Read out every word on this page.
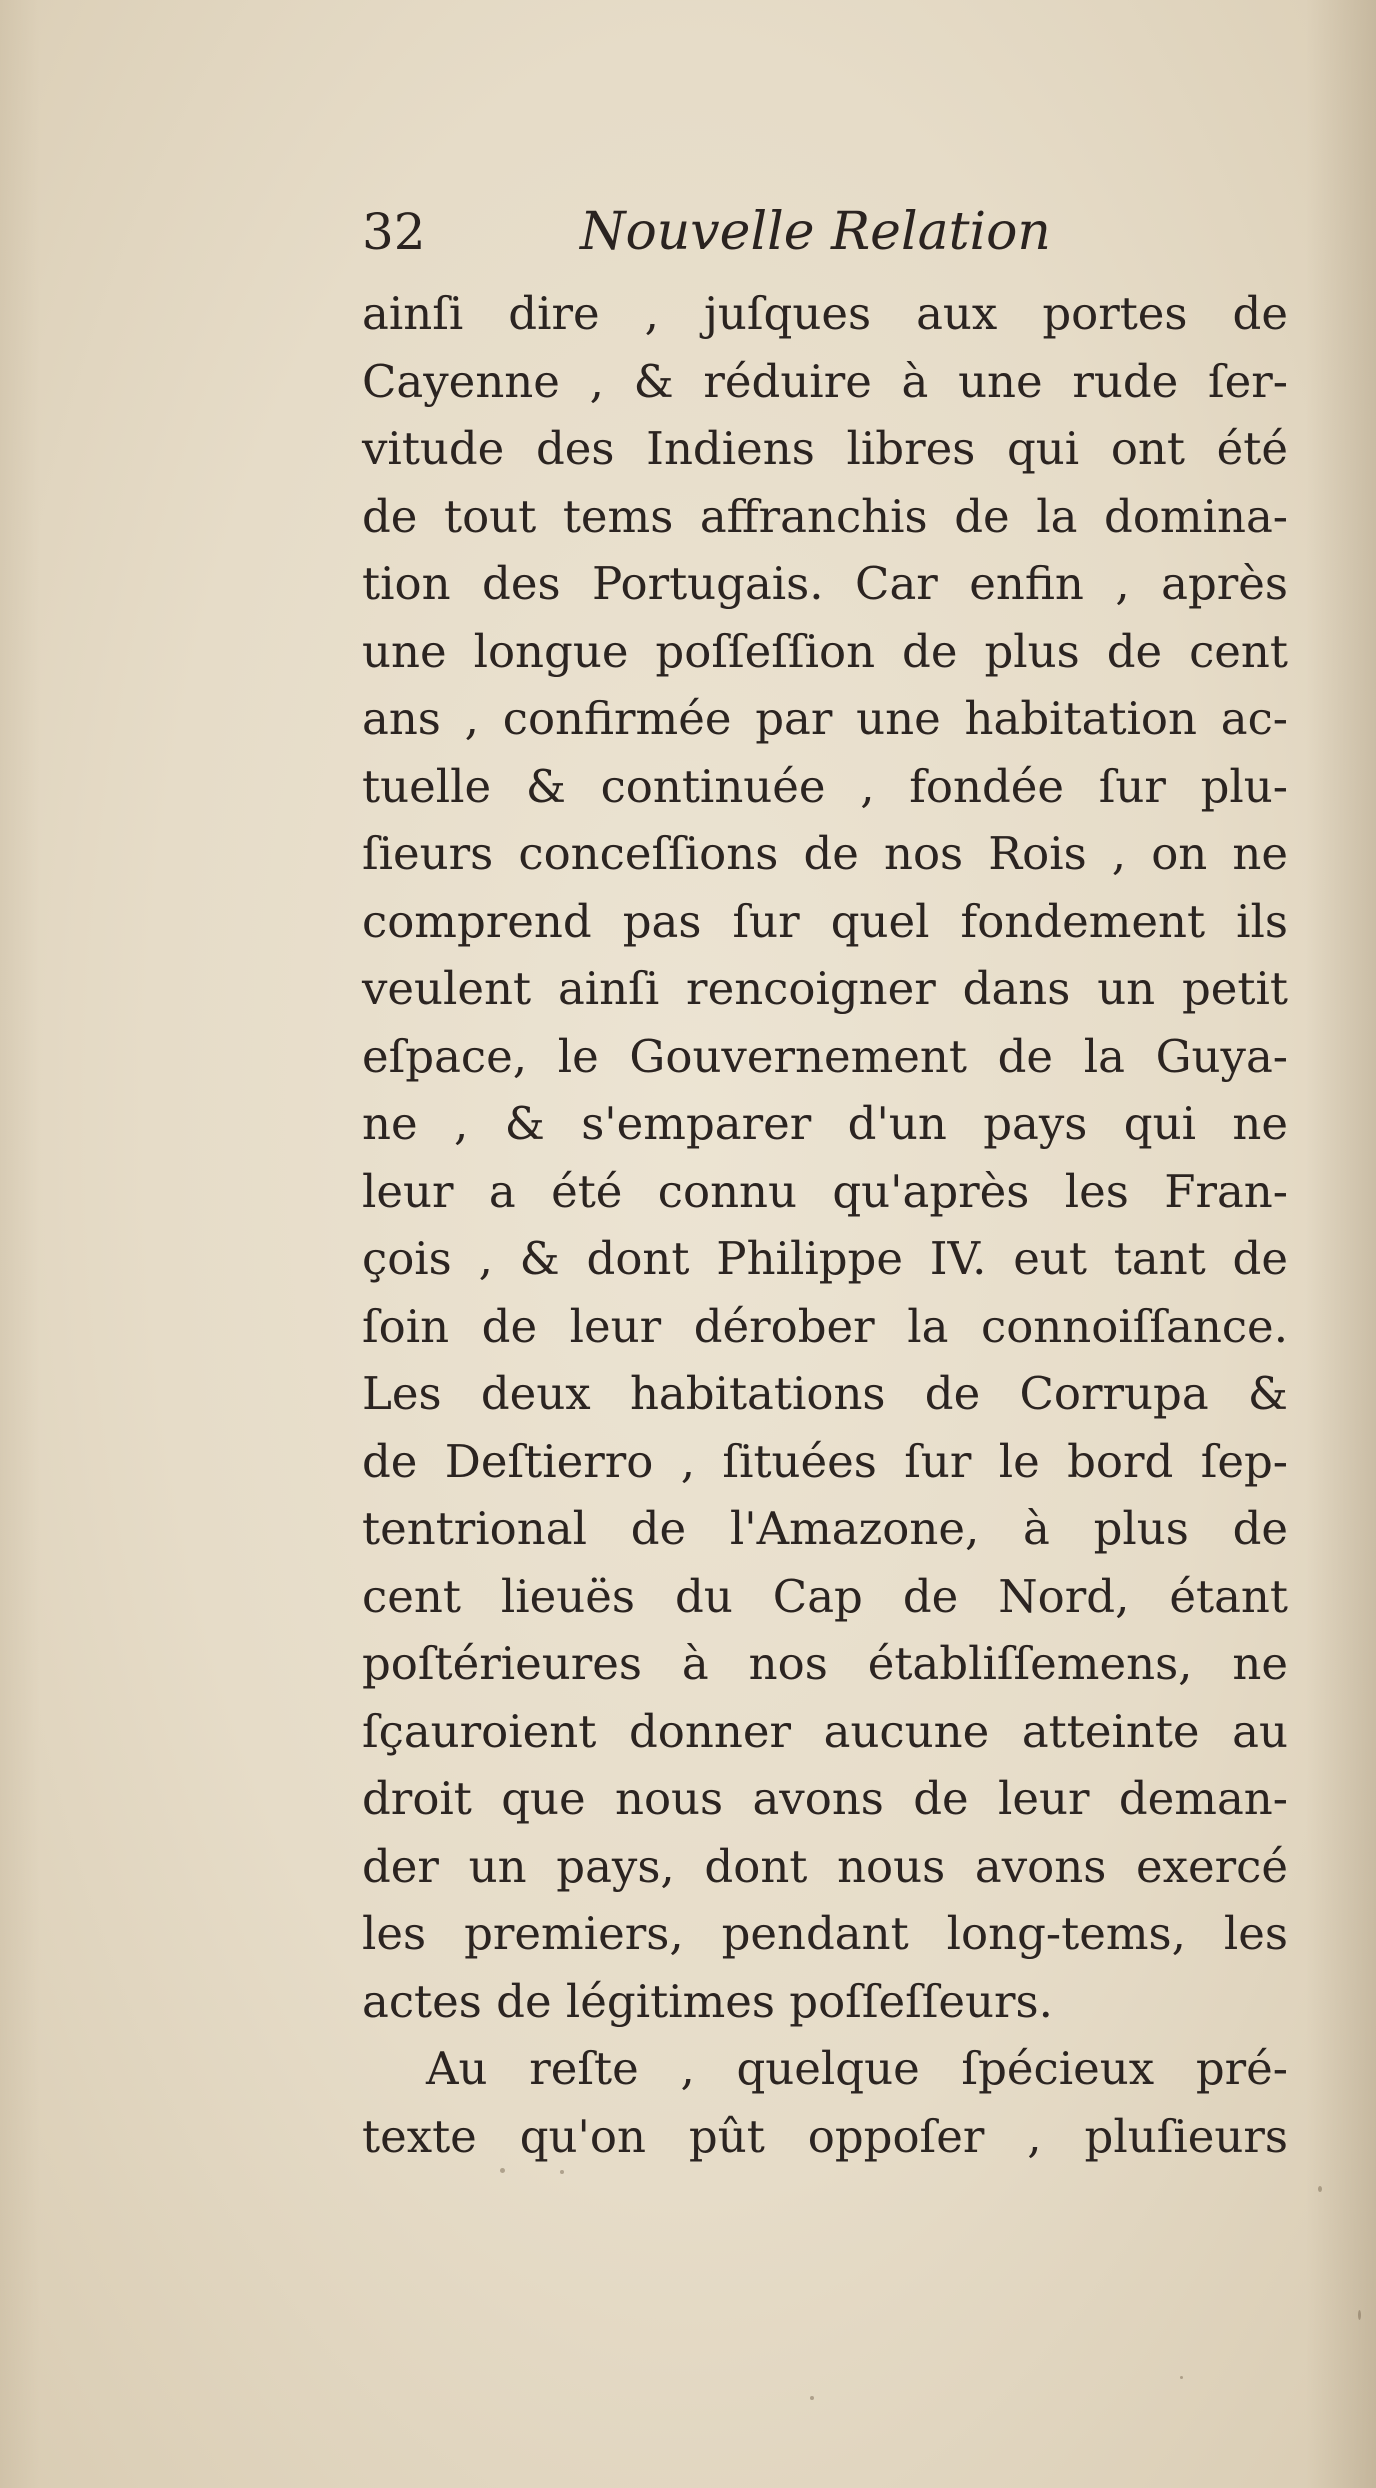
32	Nouvelle Relation
ainſi dire , juſques aux portes de
Cayenne , & réduire à une rude ſer-
vitude des Indiens libres qui ont été
de tout tems affranchis de la domina-
tion des Portugais. Car enfin , après
une longue poſſeſſion de plus de cent
ans , confirmée par une habitation ac-
tuelle & continuée , fondée ſur plu-
ſieurs conceſſions de nos Rois , on ne
comprend pas ſur quel fondement ils
veulent ainſi rencoigner dans un petit
eſpace, le Gouvernement de la Guya-
ne , & s'emparer d'un pays qui ne
leur a été connu qu'après les Fran-
çois , & dont Philippe IV. eut tant de
ſoin de leur dérober la connoiſſance.
Les deux habitations de Corrupa &
de Deſtierro , ſituées ſur le bord ſep-
tentrional de l'Amazone, à plus de
cent lieuës du Cap de Nord, étant
poſtérieures à nos établiſſemens, ne
ſçauroient donner aucune atteinte au
droit que nous avons de leur deman-
der un pays, dont nous avons exercé
les premiers, pendant long-tems, les
actes de légitimes poſſeſſeurs.
Au reſte , quelque ſpécieux pré-
texte qu'on pût oppoſer , pluſieurs
